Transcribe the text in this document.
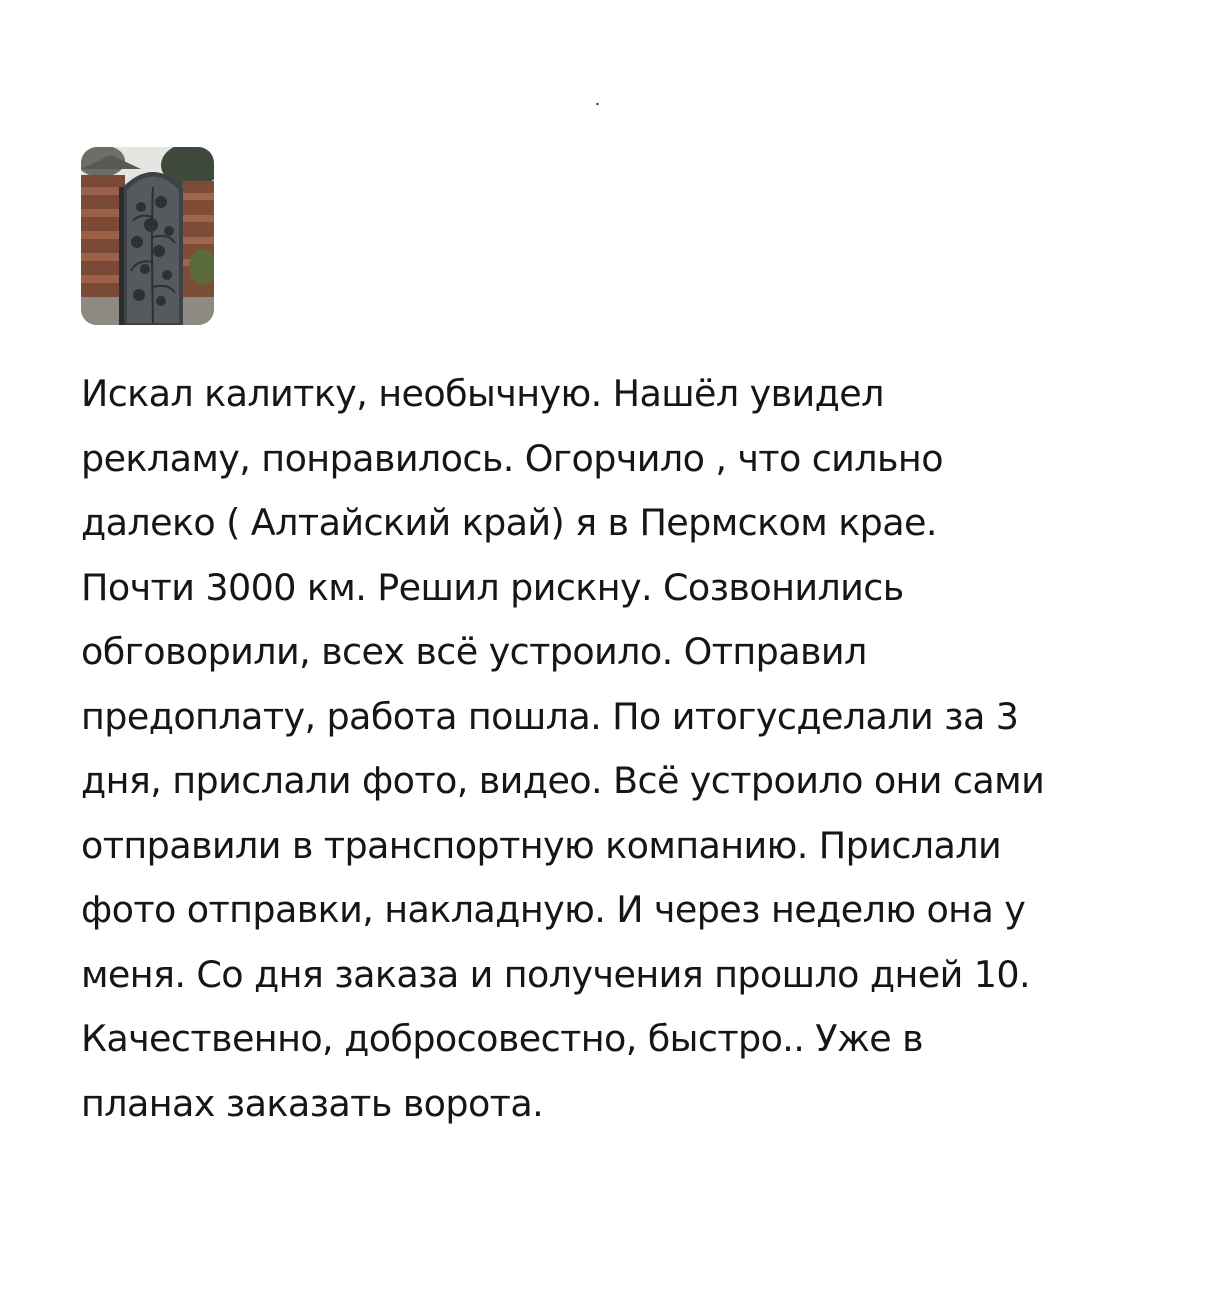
Искал калитку, необычную. Нашёл увидел
рекламу, понравилось. Огорчило , что сильно
далеко ( Алтайский край) я в Пермском крае.
Почти 3000 км. Решил рискну. Созвонились
обговорили, всех всё устроило. Отправил
предоплату, работа пошла. По итогусделали за 3
дня, прислали фото, видео. Всё устроило они сами
отправили в транспортную компанию. Прислали
фото отправки, накладную. И через неделю она у
меня. Со дня заказа и получения прошло дней 10.
Качественно, добросовестно, быстро.. Уже в
планах заказать ворота.
